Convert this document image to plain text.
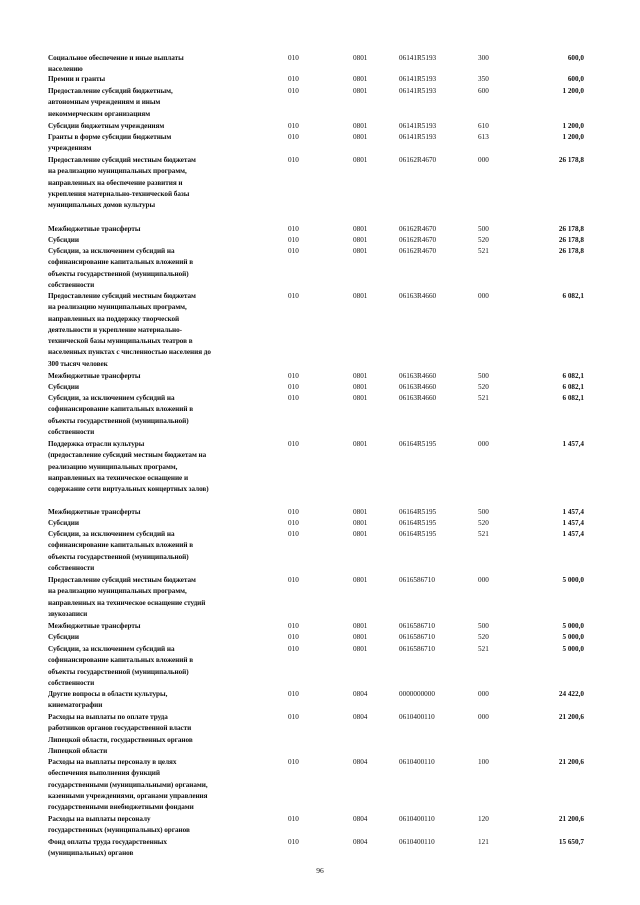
Социальное обеспечение и иные выплаты
населению
010	0801	06141R5193	300	600,0
Премии и гранты	010	0801	06141R5193	350	600,0
Предоставление субсидий бюджетным,
автономным учреждениям и иным
некоммерческим организациям
010	0801	06141R5193	600	1 200,0
Субсидии бюджетным учреждениям	010	0801	06141R5193	610	1 200,0
Гранты в форме субсидии бюджетным
учреждениям
010	0801	06141R5193	613	1 200,0
Предоставление субсидий местным бюджетам
на реализацию муниципальных программ,
направленных на обеспечение развития и
укрепления материально-технической базы
муниципальных домов культуры
010	0801	06162R4670	000	26 178,8
Межбюджетные трансферты	010	0801	06162R4670	500	26 178,8
Субсидии	010	0801	06162R4670	520	26 178,8
Субсидии, за исключением субсидий на
софинансирование капитальных вложений в
объекты государственной (муниципальной)
собственности
010	0801	06162R4670	521	26 178,8
Предоставление субсидий местным бюджетам
на реализацию муниципальных программ,
направленных на поддержку творческой
деятельности и укрепление материально-
технической базы муниципальных театров в
населенных пунктах с численностью населения до
300 тысяч человек
010	0801	06163R4660	000	6 082,1
Межбюджетные трансферты	010	0801	06163R4660	500	6 082,1
Субсидии	010	0801	06163R4660	520	6 082,1
Субсидии, за исключением субсидий на
софинансирование капитальных вложений в
объекты государственной (муниципальной)
собственности
010	0801	06163R4660	521	6 082,1
Поддержка отрасли культуры
(предоставление субсидий местным бюджетам на
реализацию муниципальных программ,
направленных на техническое оснащение и
содержание сети виртуальных концертных залов)
010	0801	06164R5195	000	1 457,4
Межбюджетные трансферты	010	0801	06164R5195	500	1 457,4
Субсидии	010	0801	06164R5195	520	1 457,4
Субсидии, за исключением субсидий на
софинансирование капитальных вложений в
объекты государственной (муниципальной)
собственности
010	0801	06164R5195	521	1 457,4
Предоставление субсидий местным бюджетам
на реализацию муниципальных программ,
направленных на техническое оснащение студий
звукозаписи
010	0801	0616586710	000	5 000,0
Межбюджетные трансферты	010	0801	0616586710	500	5 000,0
Субсидии	010	0801	0616586710	520	5 000,0
Субсидии, за исключением субсидий на
софинансирование капитальных вложений в
объекты государственной (муниципальной)
собственности
010	0801	0616586710	521	5 000,0
Другие вопросы в области культуры,
кинематографии
010	0804	0000000000	000	24 422,0
Расходы на выплаты по оплате труда
работников органов государственной власти
Липецкой области, государственных органов
Липецкой области
010	0804	0610400110	000	21 200,6
Расходы на выплаты персоналу в целях
обеспечения выполнения функций
государственными (муниципальными) органами,
казенными учреждениями, органами управления
государственными внебюджетными фондами
010	0804	0610400110	100	21 200,6
Расходы на выплаты персоналу
государственных (муниципальных) органов
010	0804	0610400110	120	21 200,6
Фонд оплаты труда государственных
(муниципальных) органов
010	0804	0610400110	121	15 650,7
96
